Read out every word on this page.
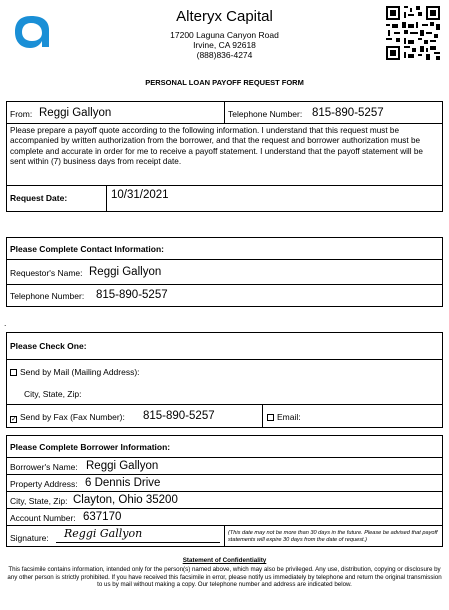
Alteryx Capital
17200 Laguna Canyon Road
Irvine, CA 92618
(888)836-4274
PERSONAL LOAN PAYOFF REQUEST FORM
From: Reggi Gallyon	Telephone Number: 815-890-5257
Please prepare a payoff quote according to the following information. I understand that this request must be accompanied by written authorization from the borrower, and that the request and borrower authorization must be complete and accurate in order for me to receive a payoff statement. I understand that the payoff statement will be sent within (7) business days from receipt date.
Request Date:	10/31/2021
Please Complete Contact Information:
Requestor's Name: Reggi Gallyon
Telephone Number: 815-890-5257
.
Please Check One:
Send by Mail (Mailing Address):
City, State, Zip:
✓ Send by Fax (Fax Number): 815-890-5257	Email:
Please Complete Borrower Information:
Borrower's Name: Reggi Gallyon
Property Address: 6 Dennis Drive
City, State, Zip: Clayton, Ohio 35200
Account Number: 637170
Signature: Reggi Gallyon	(This date may not be more than 30 days in the future. Please be advised that payoff statements will expire 30 days from the date of request.)
Statement of Confidentiality
This facsimile contains information, intended only for the person(s) named above, which may also be privileged. Any use, distribution, copying or disclosure by any other person is strictly prohibited. If you have received this facsimile in error, please notify us immediately by telephone and return the original transmission to us by mail without making a copy. Our telephone number and address are indicated below.
